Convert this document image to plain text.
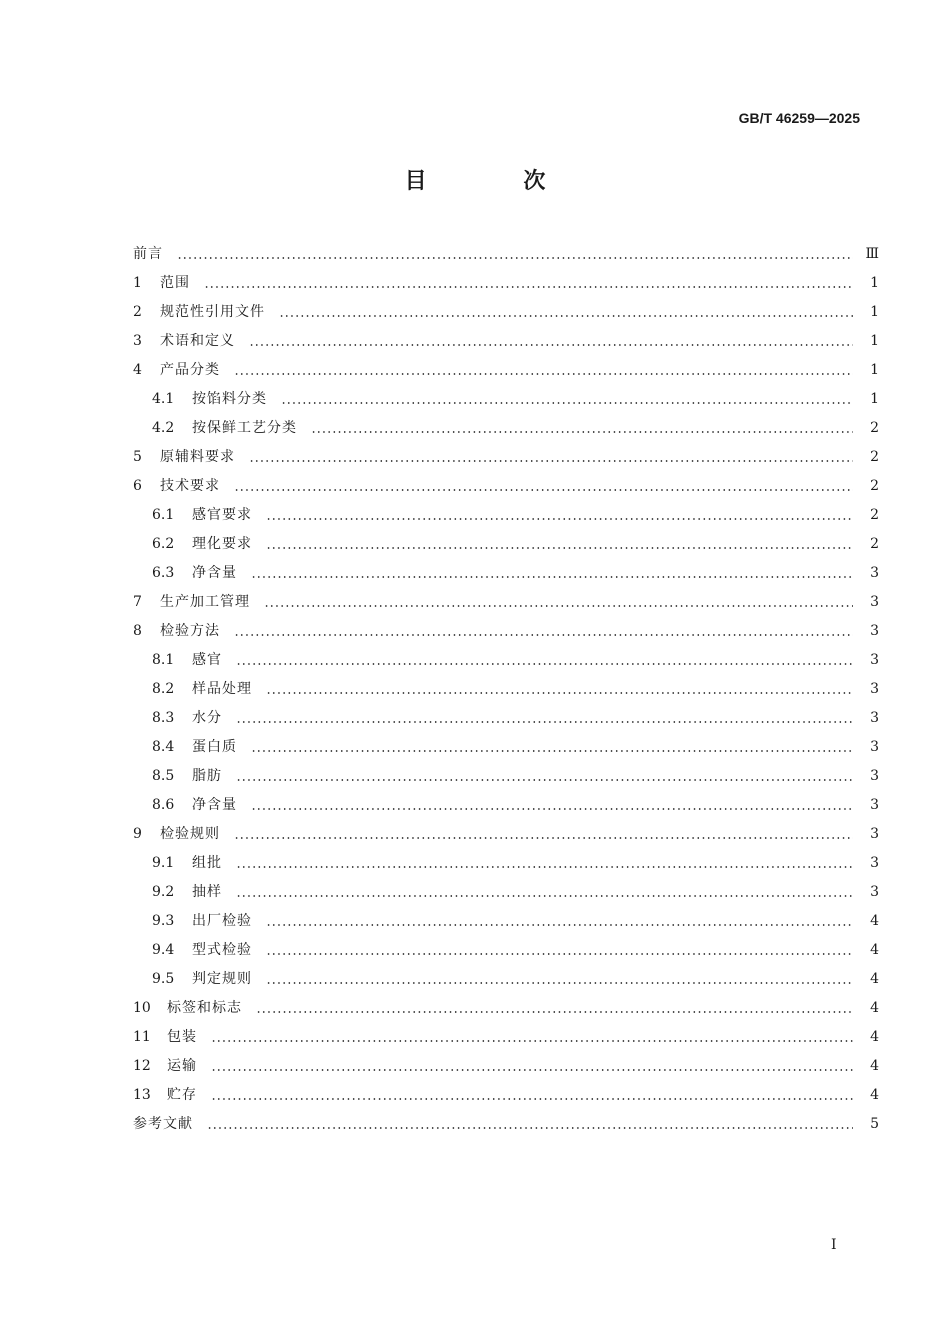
GB/T 46259—2025
目　次
前言	Ⅲ
1	范围	1
2	规范性引用文件	1
3	术语和定义	1
4	产品分类	1
4.1	按馅料分类	1
4.2	按保鲜工艺分类	2
5	原辅料要求	2
6	技术要求	2
6.1	感官要求	2
6.2	理化要求	2
6.3	净含量	3
7	生产加工管理	3
8	检验方法	3
8.1	感官	3
8.2	样品处理	3
8.3	水分	3
8.4	蛋白质	3
8.5	脂肪	3
8.6	净含量	3
9	检验规则	3
9.1	组批	3
9.2	抽样	3
9.3	出厂检验	4
9.4	型式检验	4
9.5	判定规则	4
10	标签和标志	4
11	包装	4
12	运输	4
13	贮存	4
参考文献	5
Ⅰ
